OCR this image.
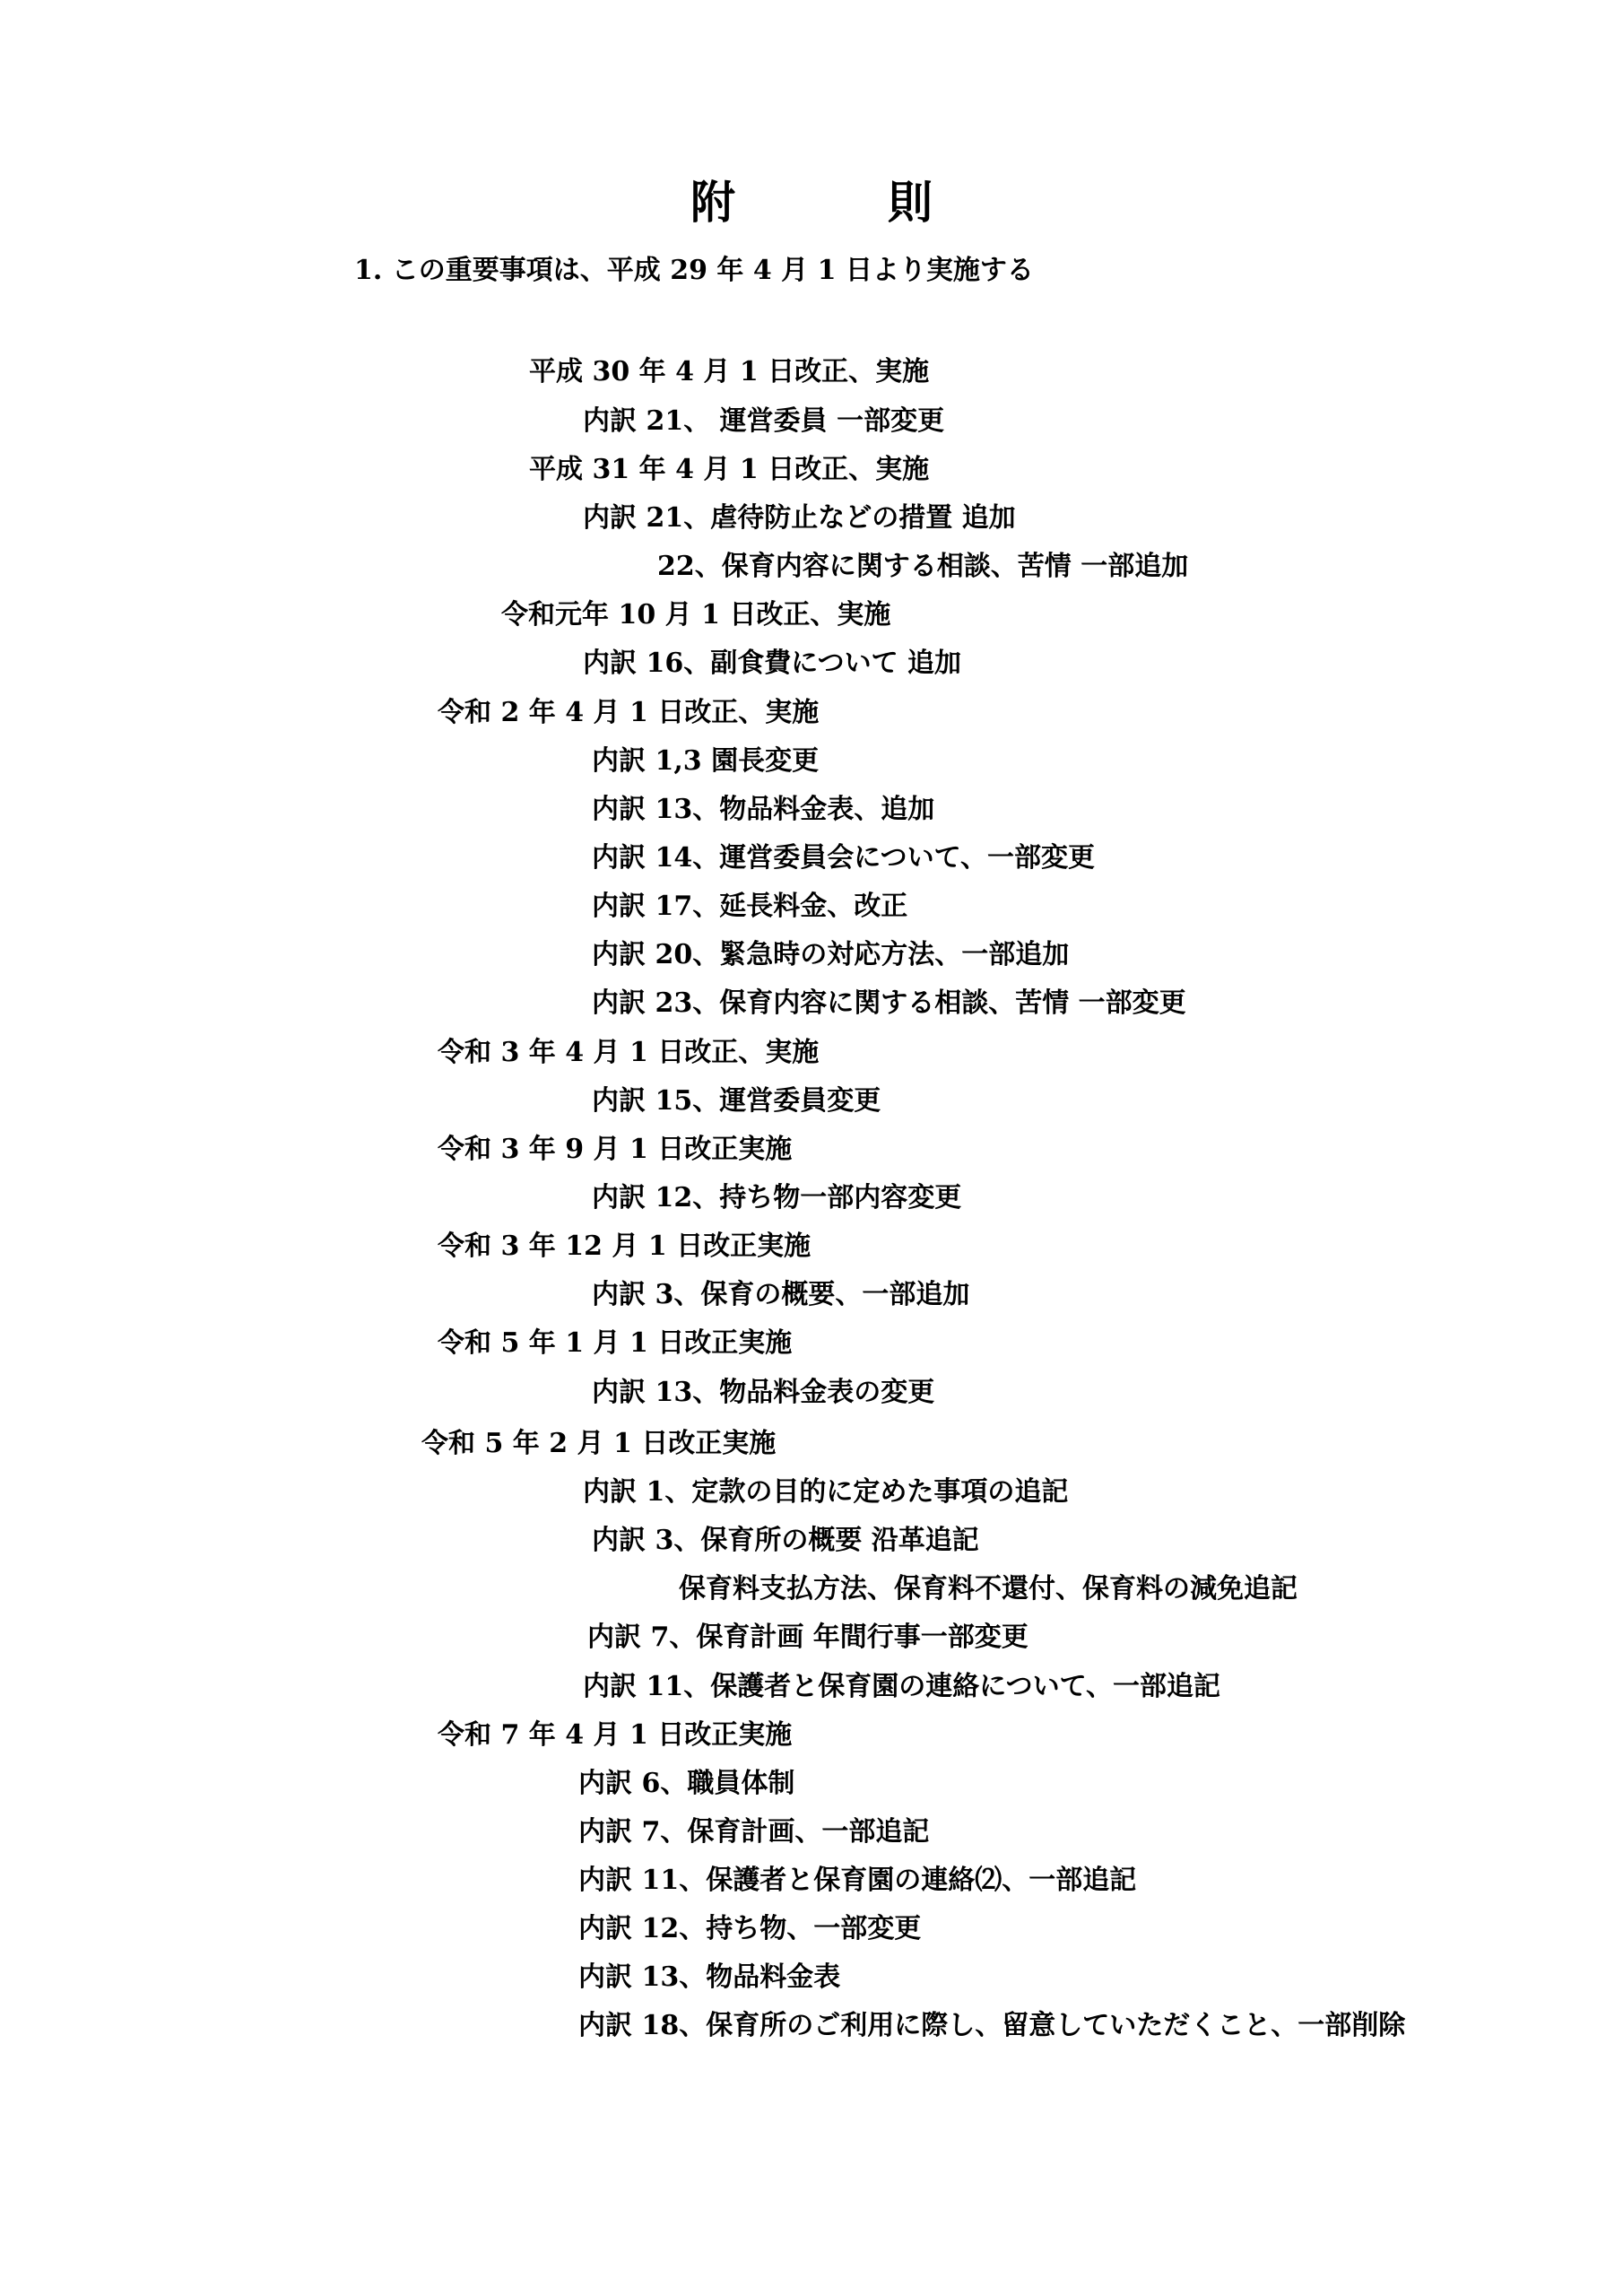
附	則
1. この重要事項は、平成 29 年 4 月 1 日より実施する
平成 30 年 4 月 1 日改正、実施
内訳 21、 運営委員 一部変更
平成 31 年 4 月 1 日改正、実施
内訳 21、虐待防止などの措置 追加
22、保育内容に関する相談、苦情 一部追加
令和元年 10 月 1 日改正、実施
内訳 16、副食費について 追加
令和 2 年 4 月 1 日改正、実施
内訳 1,3 園長変更
内訳 13、物品料金表、追加
内訳 14、運営委員会について、一部変更
内訳 17、延長料金、改正
内訳 20、緊急時の対応方法、一部追加
内訳 23、保育内容に関する相談、苦情 一部変更
令和 3 年 4 月 1 日改正、実施
内訳 15、運営委員変更
令和 3 年 9 月 1 日改正実施
内訳 12、持ち物一部内容変更
令和 3 年 12 月 1 日改正実施
内訳 3、保育の概要、一部追加
令和 5 年 1 月 1 日改正実施
内訳 13、物品料金表の変更
令和 5 年 2 月 1 日改正実施
内訳 1、定款の目的に定めた事項の追記
内訳 3、保育所の概要 沿革追記
保育料支払方法、保育料不還付、保育料の減免追記
内訳 7、保育計画 年間行事一部変更
内訳 11、保護者と保育園の連絡について、一部追記
令和 7 年 4 月 1 日改正実施
内訳 6、職員体制
内訳 7、保育計画、一部追記
内訳 11、保護者と保育園の連絡⑵、一部追記
内訳 12、持ち物、一部変更
内訳 13、物品料金表
内訳 18、保育所のご利用に際し、留意していただくこと、一部削除
